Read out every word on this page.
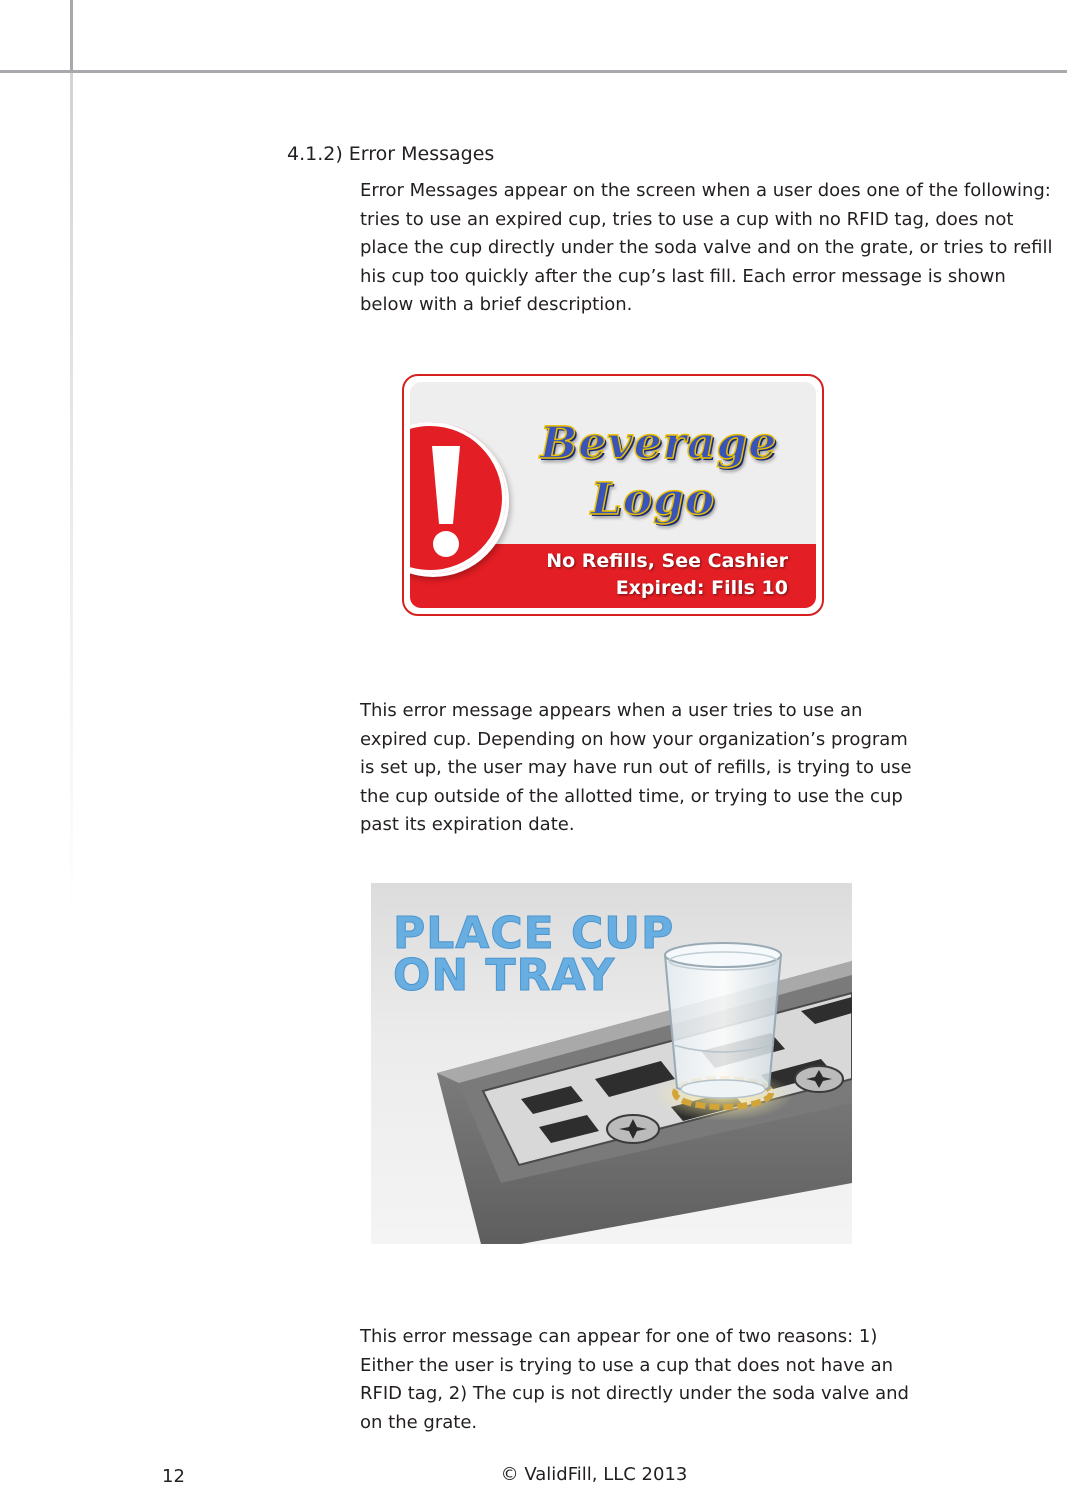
4.1.2) Error Messages

Error Messages appear on the screen when a user does one of the following: tries to use an expired cup, tries to use a cup with no RFID tag, does not place the cup directly under the soda valve and on the grate, or tries to refill his cup too quickly after the cup’s last fill. Each error message is shown below with a brief description.

Beverage
Logo
No Refills, See Cashier
Expired: Fills 10

This error message appears when a user tries to use an expired cup. Depending on how your organization’s program is set up, the user may have run out of refills, is trying to use the cup outside of the allotted time, or trying to use the cup past its expiration date.

PLACE CUP
ON TRAY

This error message can appear for one of two reasons: 1) Either the user is trying to use a cup that does not have an RFID tag, 2) The cup is not directly under the soda valve and on the grate.

12	© ValidFill, LLC 2013
